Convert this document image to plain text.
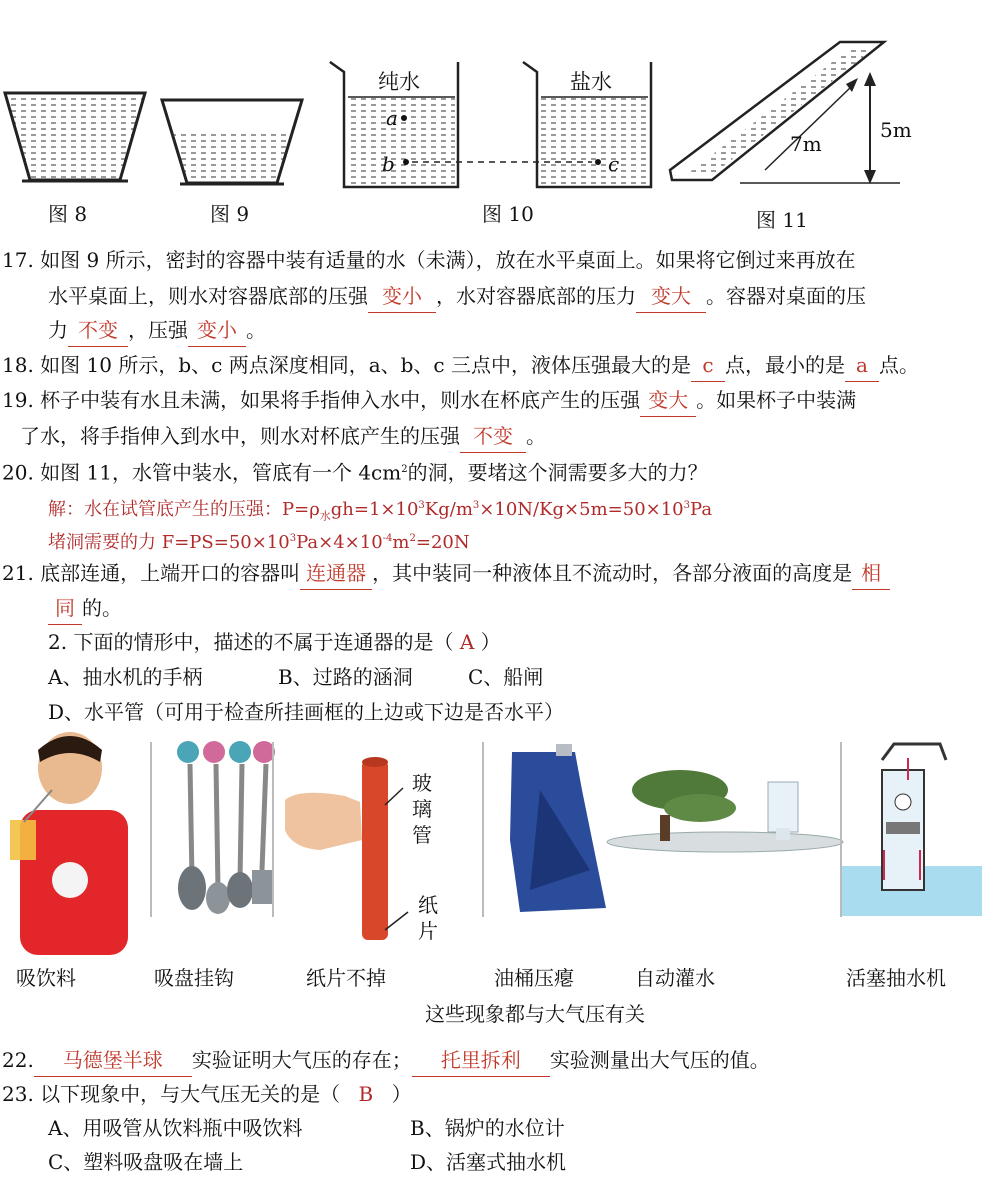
图 8	图 9	图 10	图 11
纯水	盐水
a
b	c
7m
5m
17. 如图 9 所示，密封的容器中装有适量的水（未满），放在水平桌面上。如果将它倒过来再放在
水平桌面上，则水对容器底部的压强 变小 ，水对容器底部的压力 变大 。容器对桌面的压
力 不变 ，压强 变小 。
18. 如图 10 所示，b、c 两点深度相同，a、b、c 三点中，液体压强最大的是 c 点，最小的是 a 点。
19. 杯子中装有水且未满，如果将手指伸入水中，则水在杯底产生的压强 变大 。如果杯子中装满
了水，将手指伸入到水中，则水对杯底产生的压强 不变 。
20. 如图 11，水管中装水，管底有一个 $4cm^2$的洞，要堵这个洞需要多大的力？
解：水在试管底产生的压强：$P=\rho_水gh=1\times 10^3Kg/m^3\times 10N/Kg\times 5m=50\times 10^3Pa$
堵洞需要的力 $F=PS=50\times 10^3Pa\times 4\times 10^{-4}m^2=20N$
21. 底部连通，上端开口的容器叫 连通器 ，其中装同一种液体且不流动时，各部分液面的高度是 相
同 的。
2. 下面的情形中，描述的不属于连通器的是（ A ）
A、抽水机的手柄	B、过路的涵洞	C、船闸
D、水平管（可用于检查所挂画框的上边或下边是否水平）
玻
璃
管
纸
片
吸饮料	吸盘挂钩	纸片不掉	油桶压瘪	自动灌水	活塞抽水机
这些现象都与大气压有关
22. 马德堡半球 实验证明大气压的存在； 托里拆利 实验测量出大气压的值。
23. 以下现象中，与大气压无关的是（ B ）
A、用吸管从饮料瓶中吸饮料	B、锅炉的水位计
C、塑料吸盘吸在墙上	D、活塞式抽水机
